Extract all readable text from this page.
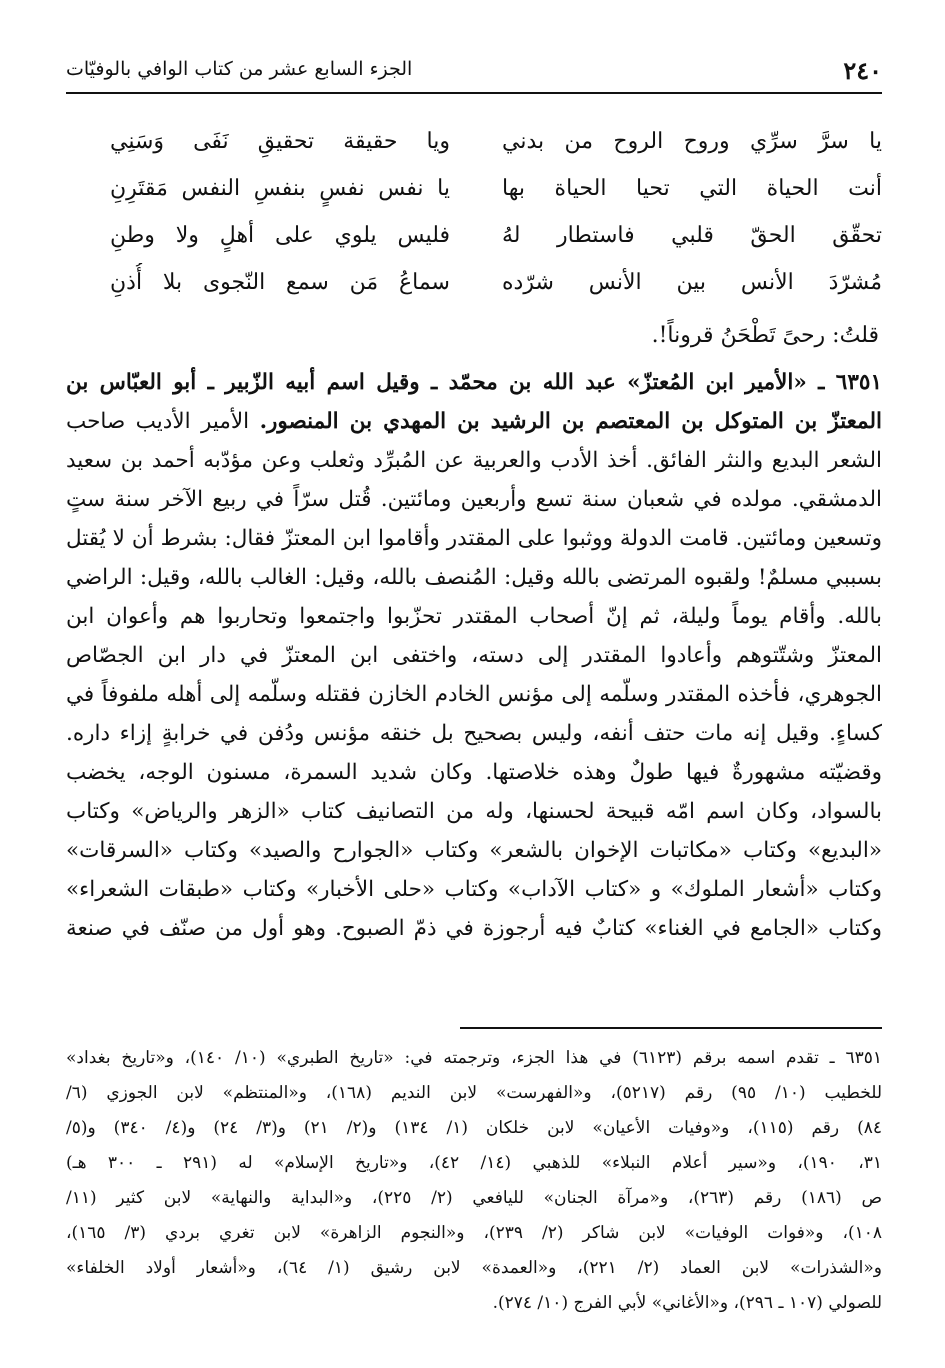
٢٤٠
الجزء السابع عشر من كتاب الوافي بالوفيّات
يا سرَّ سرِّي وروح الروح من بدني
ويا حقيقة تحقيقِ نَفَى وَسَنِي
أنت الحياة التي تحيا الحياة بها
يا نفس نفسٍ بنفسِ النفس مَقتَرِنِ
تحقّق الحقّ قلبي فاستطار لهُ
فليس يلوي على أهلٍ ولا وطنِ
مُشرّدَ الأنس بين الأنس شرّده
سماعُ مَن سمع النّجوى بلا أُذنِ
قلتُ: رحىً تَطْحَنُ قروناً!.
٦٣٥١ ـ «الأمير ابن المُعتزّ» عبد الله بن محمّد ـ وقيل اسم أبيه الزّبير ـ أبو العبّاس بن
المعتزّ بن المتوكل بن المعتصم بن الرشيد بن المهدي بن المنصور. الأمير الأديب صاحب
الشعر البديع والنثر الفائق. أخذ الأدب والعربية عن المُبرِّد وثعلب وعن مؤدّبه أحمد بن سعيد
الدمشقي. مولده في شعبان سنة تسع وأربعين ومائتين. قُتل سرّاً في ربيع الآخر سنة ستٍ
وتسعين ومائتين. قامت الدولة ووثبوا على المقتدر وأقاموا ابن المعتزّ فقال: بشرط أن لا يُقتل
بسببي مسلمٌ! ولقبوه المرتضى بالله وقيل: المُنصف بالله، وقيل: الغالب بالله، وقيل: الراضي
بالله. وأقام يوماً وليلة، ثم إنّ أصحاب المقتدر تحزّبوا واجتمعوا وتحاربوا هم وأعوان ابن
المعتزّ وشتّتوهم وأعادوا المقتدر إلى دسته، واختفى ابن المعتزّ في دار ابن الجصّاص
الجوهري، فأخذه المقتدر وسلّمه إلى مؤنس الخادم الخازن فقتله وسلّمه إلى أهله ملفوفاً في
كساءٍ. وقيل إنه مات حتف أنفه، وليس بصحيح بل خنقه مؤنس ودُفن في خرابةٍ إزاء داره.
وقضيّته مشهورةٌ فيها طولٌ وهذه خلاصتها. وكان شديد السمرة، مسنون الوجه، يخضب
بالسواد، وكان اسم امّه قبيحة لحسنها، وله من التصانيف كتاب «الزهر والرياض» وكتاب
«البديع» وكتاب «مكاتبات الإخوان بالشعر» وكتاب «الجوارح والصيد» وكتاب «السرقات»
وكتاب «أشعار الملوك» و «كتاب الآداب» وكتاب «حلى الأخبار» وكتاب «طبقات الشعراء»
وكتاب «الجامع في الغناء» كتابٌ فيه أرجوزة في ذمّ الصبوح. وهو أول من صنّف في صنعة
٦٣٥١ ـ تقدم اسمه برقم (٦١٢٣) في هذا الجزء، وترجمته في: «تاريخ الطبري» (١٠/ ١٤٠)، و«تاريخ بغداد»
للخطيب (١٠/ ٩٥) رقم (٥٢١٧)، و«الفهرست» لابن النديم (١٦٨)، و«المنتظم» لابن الجوزي (٦/
٨٤) رقم (١١٥)، و«وفيات الأعيان» لابن خلكان (١/ ١٣٤) و(٢/ ٢١) و(٣/ ٢٤) و(٤/ ٣٤٠) و(٥/
٣١، ١٩٠)، و«سير أعلام النبلاء» للذهبي (١٤/ ٤٢)، و«تاريخ الإسلام» له (٢٩١ ـ ٣٠٠ هـ)
ص (١٨٦) رقم (٢٦٣)، و«مرآة الجنان» لليافعي (٢/ ٢٢٥)، و«البداية والنهاية» لابن كثير (١١/
١٠٨)، و«فوات الوفيات» لابن شاكر (٢/ ٢٣٩)، و«النجوم الزاهرة» لابن تغري بردي (٣/ ١٦٥)،
و«الشذرات» لابن العماد (٢/ ٢٢١)، و«العمدة» لابن رشيق (١/ ٦٤)، و«أشعار أولاد الخلفاء»
للصولي (١٠٧ ـ ٢٩٦)، و«الأغاني» لأبي الفرج (١٠/ ٢٧٤).
